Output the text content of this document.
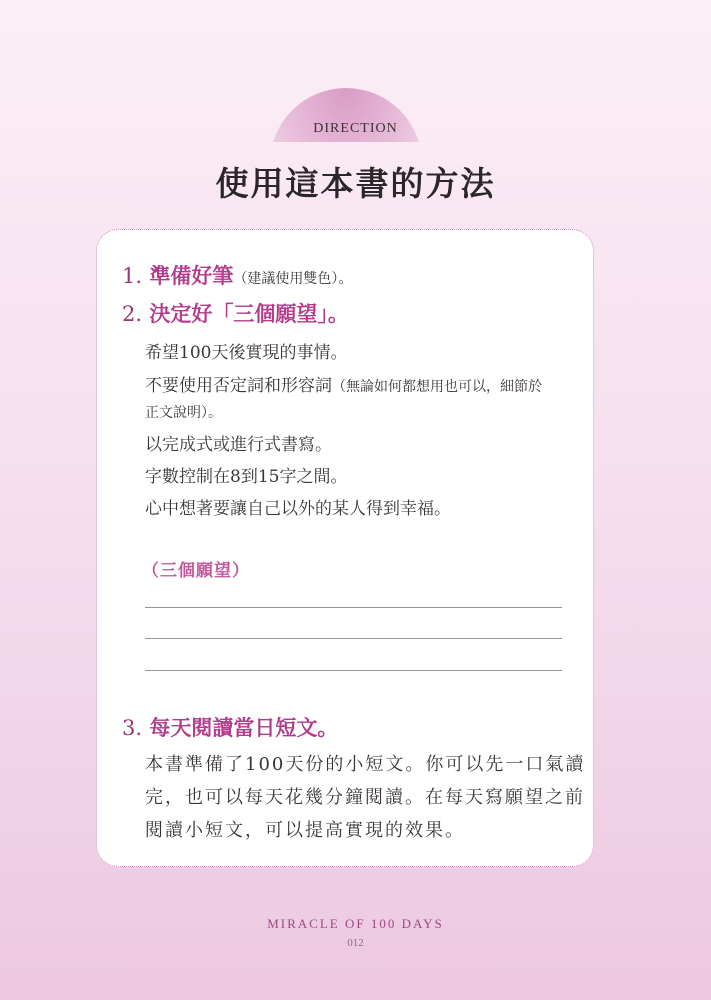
DIRECTION
使用這本書的方法
1. 準備好筆（建議使用雙色）。
2. 決定好「三個願望」。
希望100天後實現的事情。
不要使用否定詞和形容詞（無論如何都想用也可以，細節於
正文說明）。
以完成式或進行式書寫。
字數控制在8到15字之間。
心中想著要讓自己以外的某人得到幸福。
（三個願望）
3. 每天閱讀當日短文。
本書準備了100天份的小短文。你可以先一口氣讀
完，也可以每天花幾分鐘閱讀。在每天寫願望之前
閱讀小短文，可以提高實現的效果。
MIRACLE OF 100 DAYS
012
